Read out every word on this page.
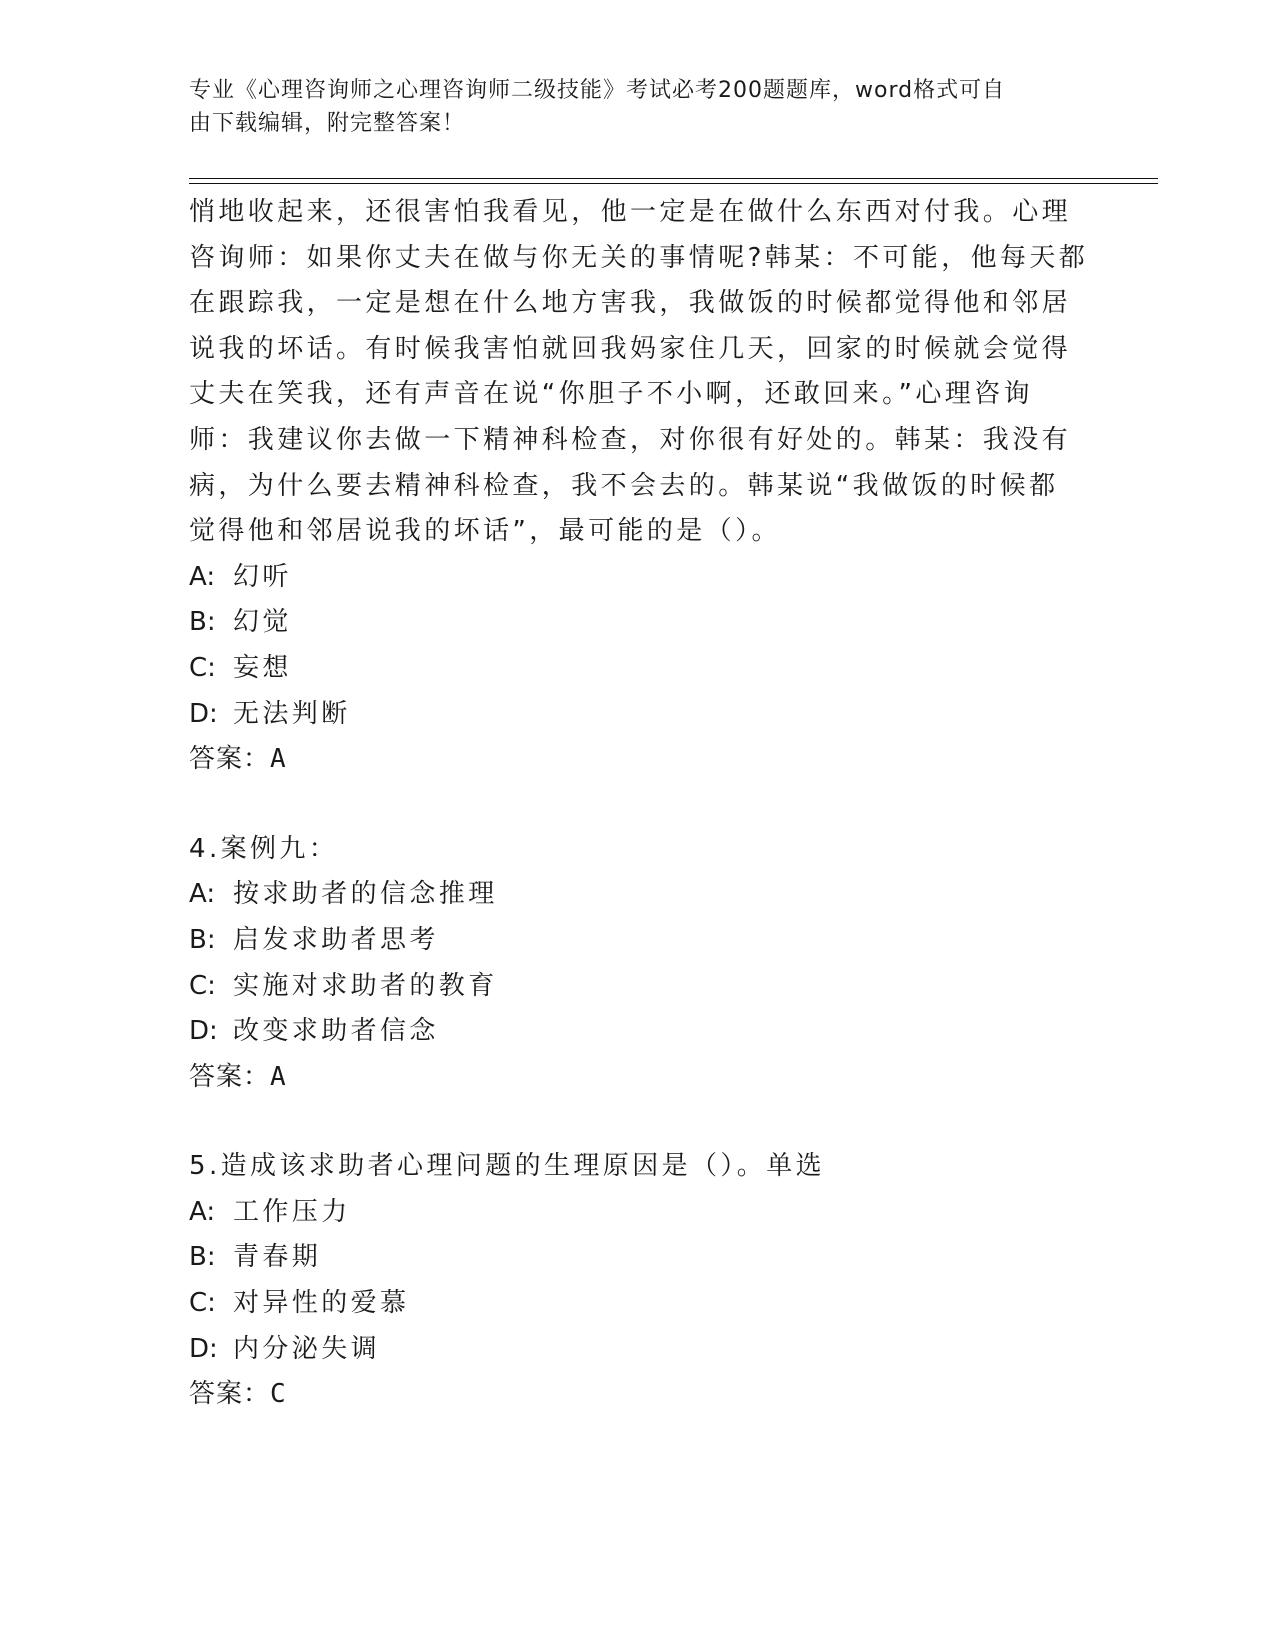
专业《心理咨询师之心理咨询师二级技能》考试必考200题题库，word格式可自
由下载编辑，附完整答案！

悄地收起来，还很害怕我看见，他一定是在做什么东西对付我。心理
咨询师：如果你丈夫在做与你无关的事情呢?韩某：不可能，他每天都
在跟踪我，一定是想在什么地方害我，我做饭的时候都觉得他和邻居
说我的坏话。有时候我害怕就回我妈家住几天，回家的时候就会觉得
丈夫在笑我，还有声音在说“你胆子不小啊，还敢回来。”心理咨询
师：我建议你去做一下精神科检查，对你很有好处的。韩某：我没有
病，为什么要去精神科检查，我不会去的。韩某说“我做饭的时候都
觉得他和邻居说我的坏话”，最可能的是（）。

A: 幻听
B: 幻觉
C: 妄想
D: 无法判断
答案：A
4.案例九：
A: 按求助者的信念推理
B: 启发求助者思考
C: 实施对求助者的教育
D: 改变求助者信念
答案：A
5.造成该求助者心理问题的生理原因是（）。单选
A: 工作压力
B: 青春期
C: 对异性的爱慕
D: 内分泌失调
答案：C
